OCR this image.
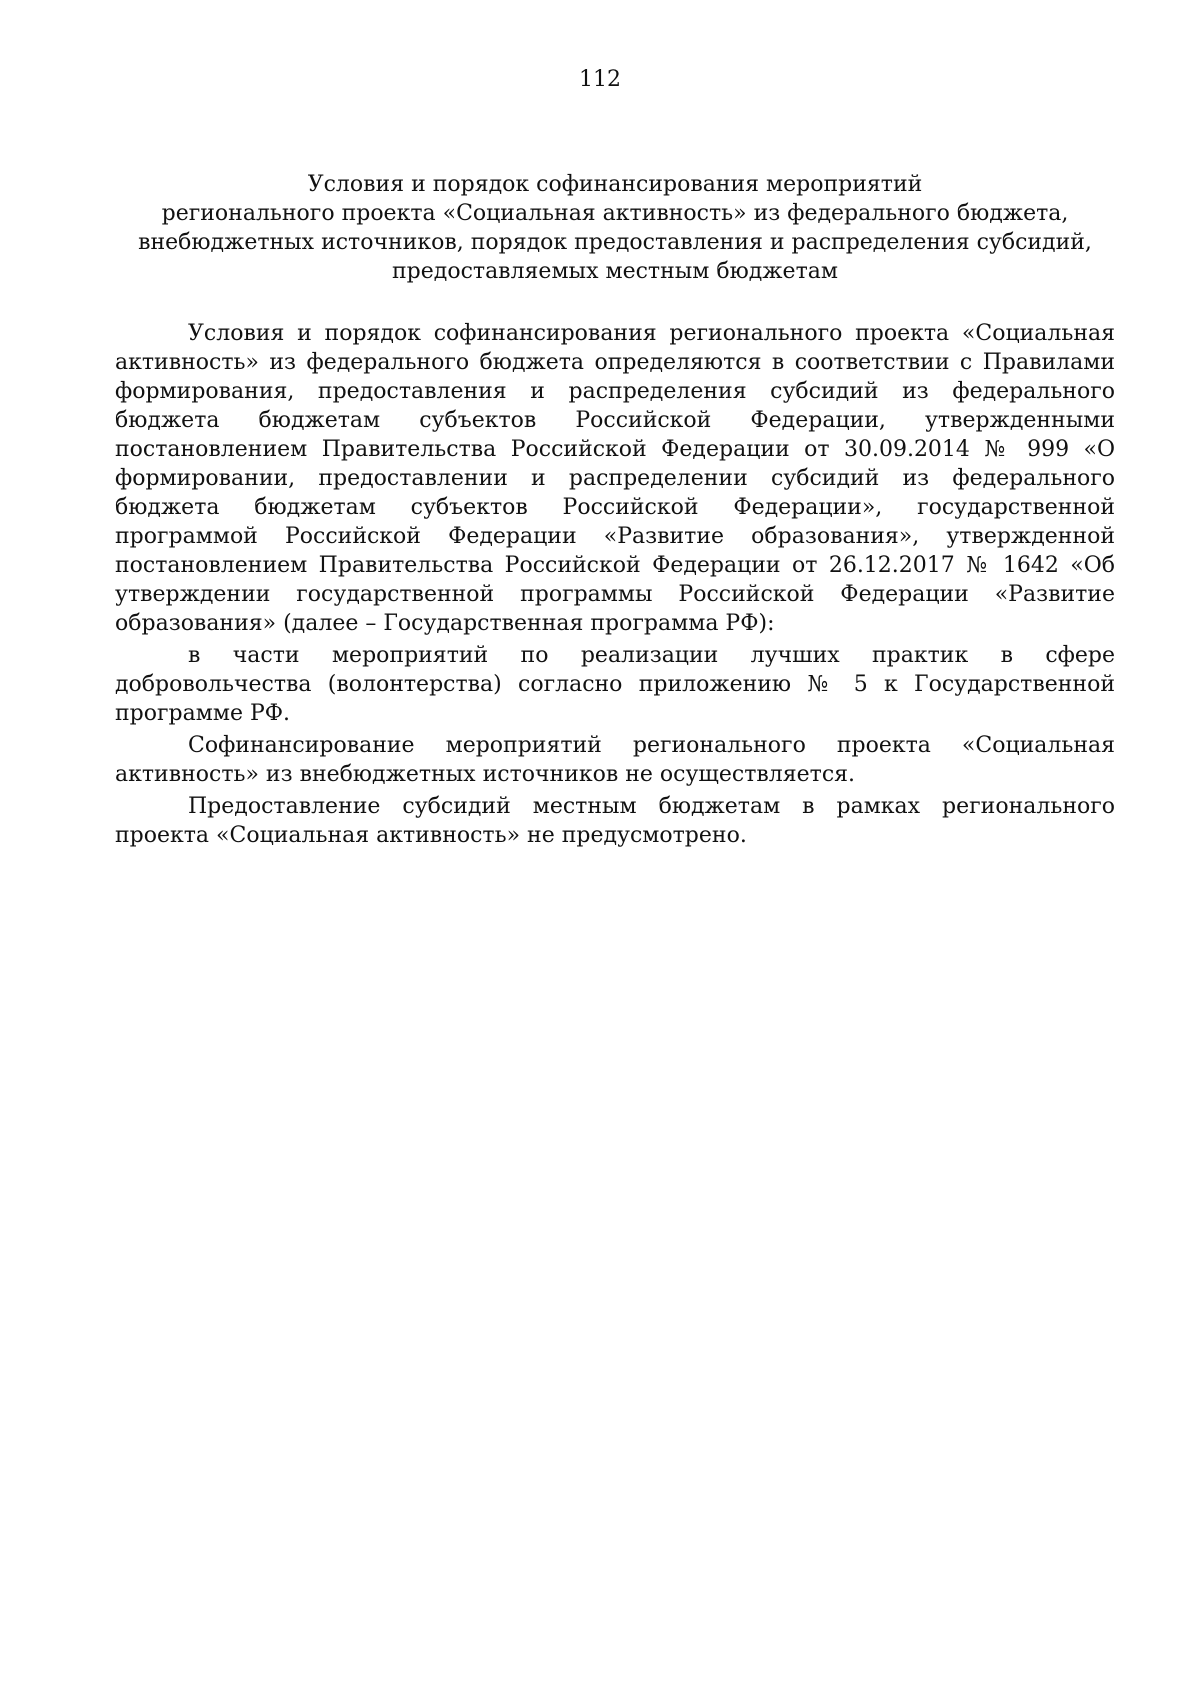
112
Условия и порядок софинансирования мероприятий
регионального проекта «Социальная активность» из федерального бюджета,
внебюджетных источников, порядок предоставления и распределения субсидий,
предоставляемых местным бюджетам

Условия и порядок софинансирования регионального проекта «Социальная активность» из федерального бюджета определяются в соответствии с Правилами формирования, предоставления и распределения субсидий из федерального бюджета бюджетам субъектов Российской Федерации, утвержденными постановлением Правительства Российской Федерации от 30.09.2014 № 999 «О формировании, предоставлении и распределении субсидий из федерального бюджета бюджетам субъектов Российской Федерации», государственной программой Российской Федерации «Развитие образования», утвержденной постановлением Правительства Российской Федерации от 26.12.2017 № 1642 «Об утверждении государственной программы Российской Федерации «Развитие образования» (далее – Государственная программа РФ):

в части мероприятий по реализации лучших практик в сфере добровольчества (волонтерства) согласно приложению № 5 к Государственной программе РФ.

Софинансирование мероприятий регионального проекта «Социальная активность» из внебюджетных источников не осуществляется.

Предоставление субсидий местным бюджетам в рамках регионального проекта «Социальная активность» не предусмотрено.
